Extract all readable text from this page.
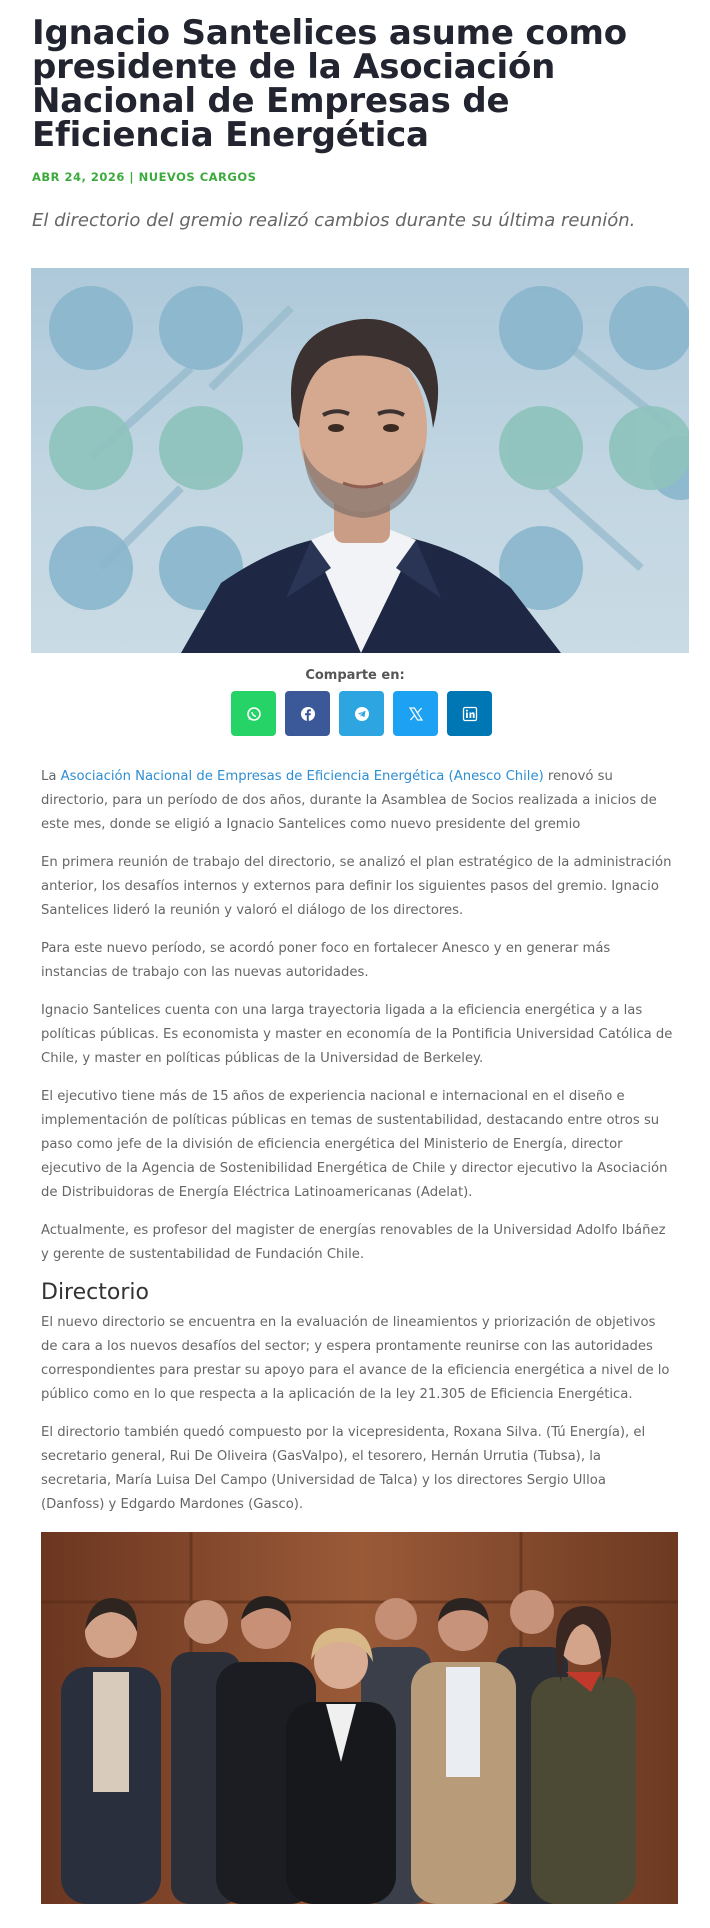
Ignacio Santelices asume como presidente de la Asociación Nacional de Empresas de Eficiencia Energética
ABR 24, 2026 | NUEVOS CARGOS
El directorio del gremio realizó cambios durante su última reunión.
Comparte en:

La Asociación Nacional de Empresas de Eficiencia Energética (Anesco Chile) renovó su directorio, para un período de dos años, durante la Asamblea de Socios realizada a inicios de este mes, donde se eligió a Ignacio Santelices como nuevo presidente del gremio

En primera reunión de trabajo del directorio, se analizó el plan estratégico de la administración anterior, los desafíos internos y externos para definir los siguientes pasos del gremio. Ignacio Santelices lideró la reunión y valoró el diálogo de los directores.

Para este nuevo período, se acordó poner foco en fortalecer Anesco y en generar más instancias de trabajo con las nuevas autoridades.

Ignacio Santelices cuenta con una larga trayectoria ligada a la eficiencia energética y a las políticas públicas. Es economista y master en economía de la Pontificia Universidad Católica de Chile, y master en políticas públicas de la Universidad de Berkeley.

El ejecutivo tiene más de 15 años de experiencia nacional e internacional en el diseño e implementación de políticas públicas en temas de sustentabilidad, destacando entre otros su paso como jefe de la división de eficiencia energética del Ministerio de Energía, director ejecutivo de la Agencia de Sostenibilidad Energética de Chile y director ejecutivo la Asociación de Distribuidoras de Energía Eléctrica Latinoamericanas (Adelat).

Actualmente, es profesor del magister de energías renovables de la Universidad Adolfo Ibáñez y gerente de sustentabilidad de Fundación Chile.

Directorio

El nuevo directorio se encuentra en la evaluación de lineamientos y priorización de objetivos de cara a los nuevos desafíos del sector; y espera prontamente reunirse con las autoridades correspondientes para prestar su apoyo para el avance de la eficiencia energética a nivel de lo público como en lo que respecta a la aplicación de la ley 21.305 de Eficiencia Energética.

El directorio también quedó compuesto por la vicepresidenta, Roxana Silva. (Tú Energía), el secretario general, Rui De Oliveira (GasValpo), el tesorero, Hernán Urrutia (Tubsa), la secretaria, María Luisa Del Campo (Universidad de Talca) y los directores Sergio Ulloa (Danfoss) y Edgardo Mardones (Gasco).
